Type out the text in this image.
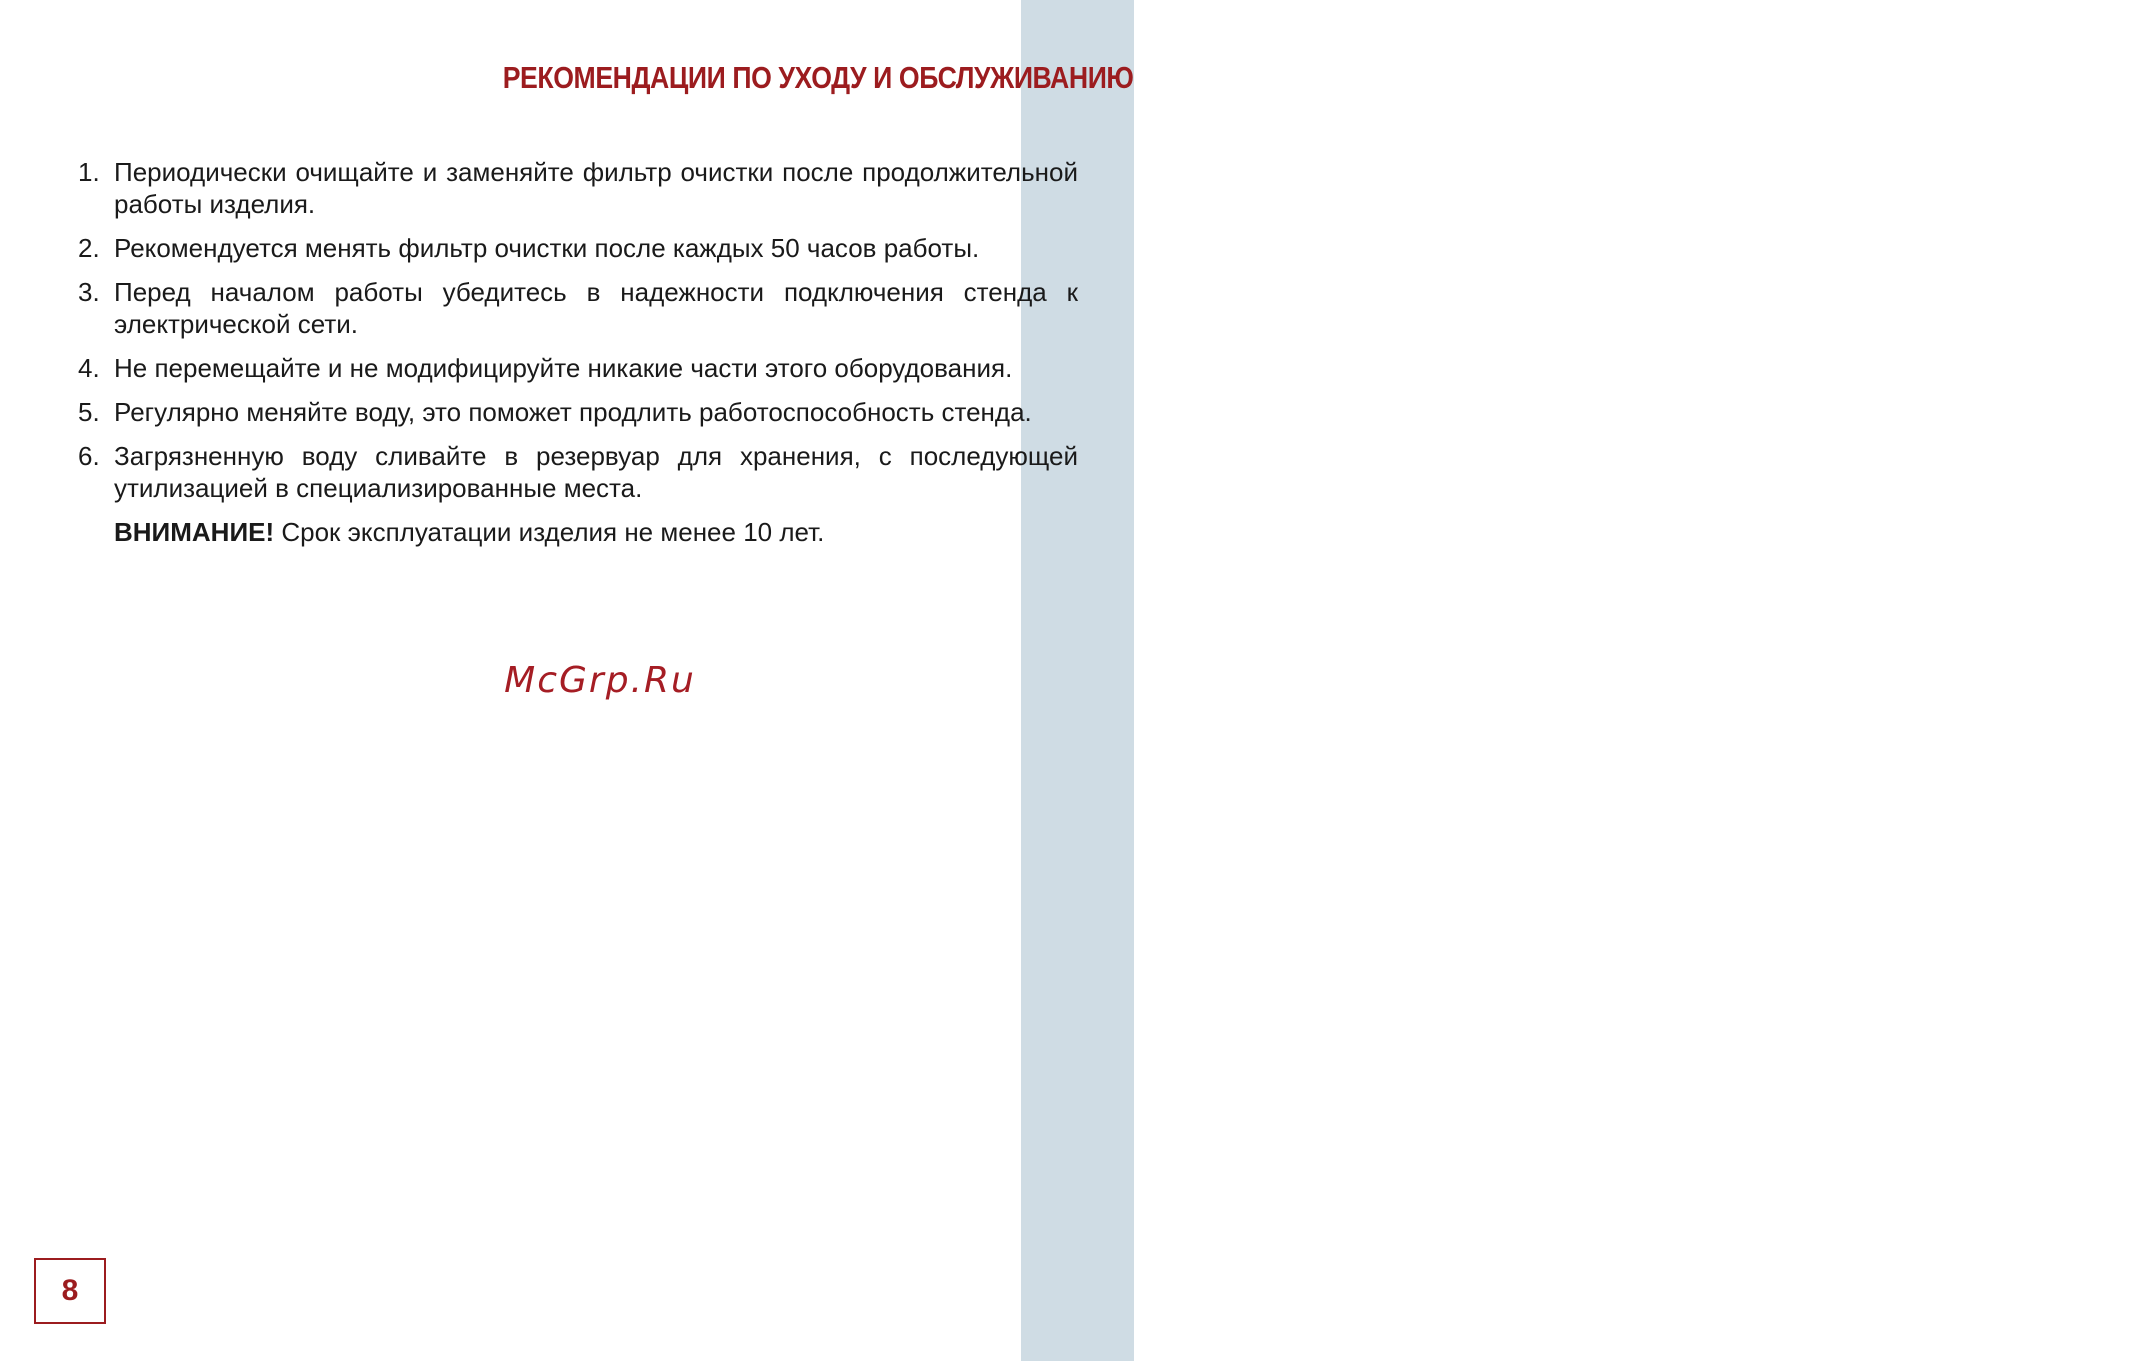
TOOLSOROKIN®
РЕКОМЕНДАЦИИ ПО УХОДУ И ОБСЛУЖИВАНИЮ
1. Периодически очищайте и заменяйте фильтр очистки после продолжительной работы изделия.
2. Рекомендуется менять фильтр очистки после каждых 50 часов работы.
3. Перед началом работы убедитесь в надежности подключения стенда к электрической сети.
4. Не перемещайте и не модифицируйте никакие части этого оборудования.
5. Регулярно меняйте воду, это поможет продлить работоспособность стенда.
6. Загрязненную воду сливайте в резервуар для хранения, с последующей утилизацией в специализированные места.
ВНИМАНИЕ! Срок эксплуатации изделия не менее 10 лет.
McGrp.Ru
8
